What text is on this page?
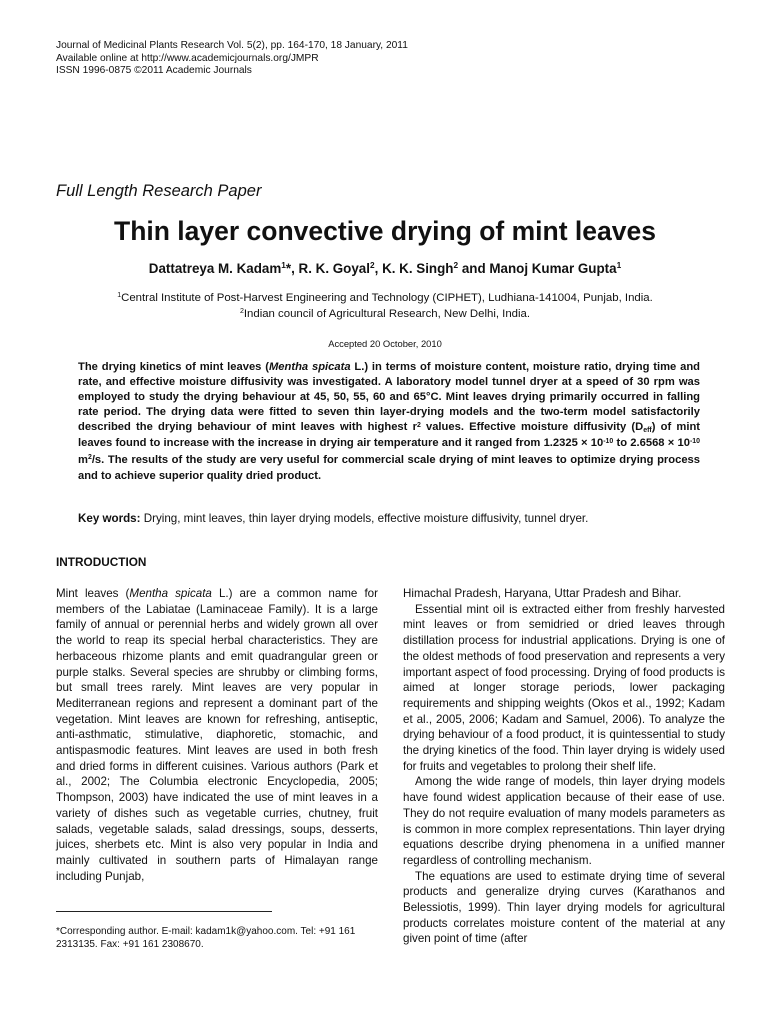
Journal of Medicinal Plants Research Vol. 5(2), pp. 164-170, 18 January, 2011
Available online at http://www.academicjournals.org/JMPR
ISSN 1996-0875 ©2011 Academic Journals
Full Length Research Paper
Thin layer convective drying of mint leaves
Dattatreya M. Kadam$^1$*, R. K. Goyal$^2$, K. K. Singh$^2$ and Manoj Kumar Gupta$^1$
$^1$Central Institute of Post-Harvest Engineering and Technology (CIPHET), Ludhiana-141004, Punjab, India.
$^2$Indian council of Agricultural Research, New Delhi, India.
Accepted 20 October, 2010
The drying kinetics of mint leaves (Mentha spicata L.) in terms of moisture content, moisture ratio, drying time and rate, and effective moisture diffusivity was investigated. A laboratory model tunnel dryer at a speed of 30 rpm was employed to study the drying behaviour at 45, 50, 55, 60 and 65°C. Mint leaves drying primarily occurred in falling rate period. The drying data were fitted to seven thin layer-drying models and the two-term model satisfactorily described the drying behaviour of mint leaves with highest $r^2$ values. Effective moisture diffusivity $(D_{eff})$ of mint leaves found to increase with the increase in drying air temperature and it ranged from $1.2325 \times 10^{-10}$ to $2.6568 \times 10^{-10}$ $m^2/s$. The results of the study are very useful for commercial scale drying of mint leaves to optimize drying process and to achieve superior quality dried product.
Key words: Drying, mint leaves, thin layer drying models, effective moisture diffusivity, tunnel dryer.
INTRODUCTION

Mint leaves (Mentha spicata L.) are a common name for members of the Labiatae (Laminaceae Family). It is a large family of annual or perennial herbs and widely grown all over the world to reap its special herbal characteristics. They are herbaceous rhizome plants and emit quadrangular green or purple stalks. Several species are shrubby or climbing forms, but small trees rarely. Mint leaves are very popular in Mediterranean regions and represent a dominant part of the vegetation. Mint leaves are known for refreshing, antiseptic, anti-asthmatic, stimulative, diaphoretic, stomachic, and antispasmodic features. Mint leaves are used in both fresh and dried forms in different cuisines. Various authors (Park et al., 2002; The Columbia electronic Encyclopedia, 2005; Thompson, 2003) have indicated the use of mint leaves in a variety of dishes such as vegetable curries, chutney, fruit salads, vegetable salads, salad dressings, soups, desserts, juices, sherbets etc. Mint is also very popular in India and mainly cultivated in southern parts of Himalayan range including Punjab,

Himachal Pradesh, Haryana, Uttar Pradesh and Bihar.

Essential mint oil is extracted either from freshly harvested mint leaves or from semidried or dried leaves through distillation process for industrial applications. Drying is one of the oldest methods of food preservation and represents a very important aspect of food processing. Drying of food products is aimed at longer storage periods, lower packaging requirements and shipping weights (Okos et al., 1992; Kadam et al., 2005, 2006; Kadam and Samuel, 2006). To analyze the drying behaviour of a food product, it is quintessential to study the drying kinetics of the food. Thin layer drying is widely used for fruits and vegetables to prolong their shelf life.

Among the wide range of models, thin layer drying models have found widest application because of their ease of use. They do not require evaluation of many models parameters as is common in more complex representations. Thin layer drying equations describe drying phenomena in a unified manner regardless of controlling mechanism.

The equations are used to estimate drying time of several products and generalize drying curves (Karathanos and Belessiotis, 1999). Thin layer drying models for agricultural products correlates moisture content of the material at any given point of time (after

*Corresponding author. E-mail: kadam1k@yahoo.com. Tel: +91 161 2313135. Fax: +91 161 2308670.
